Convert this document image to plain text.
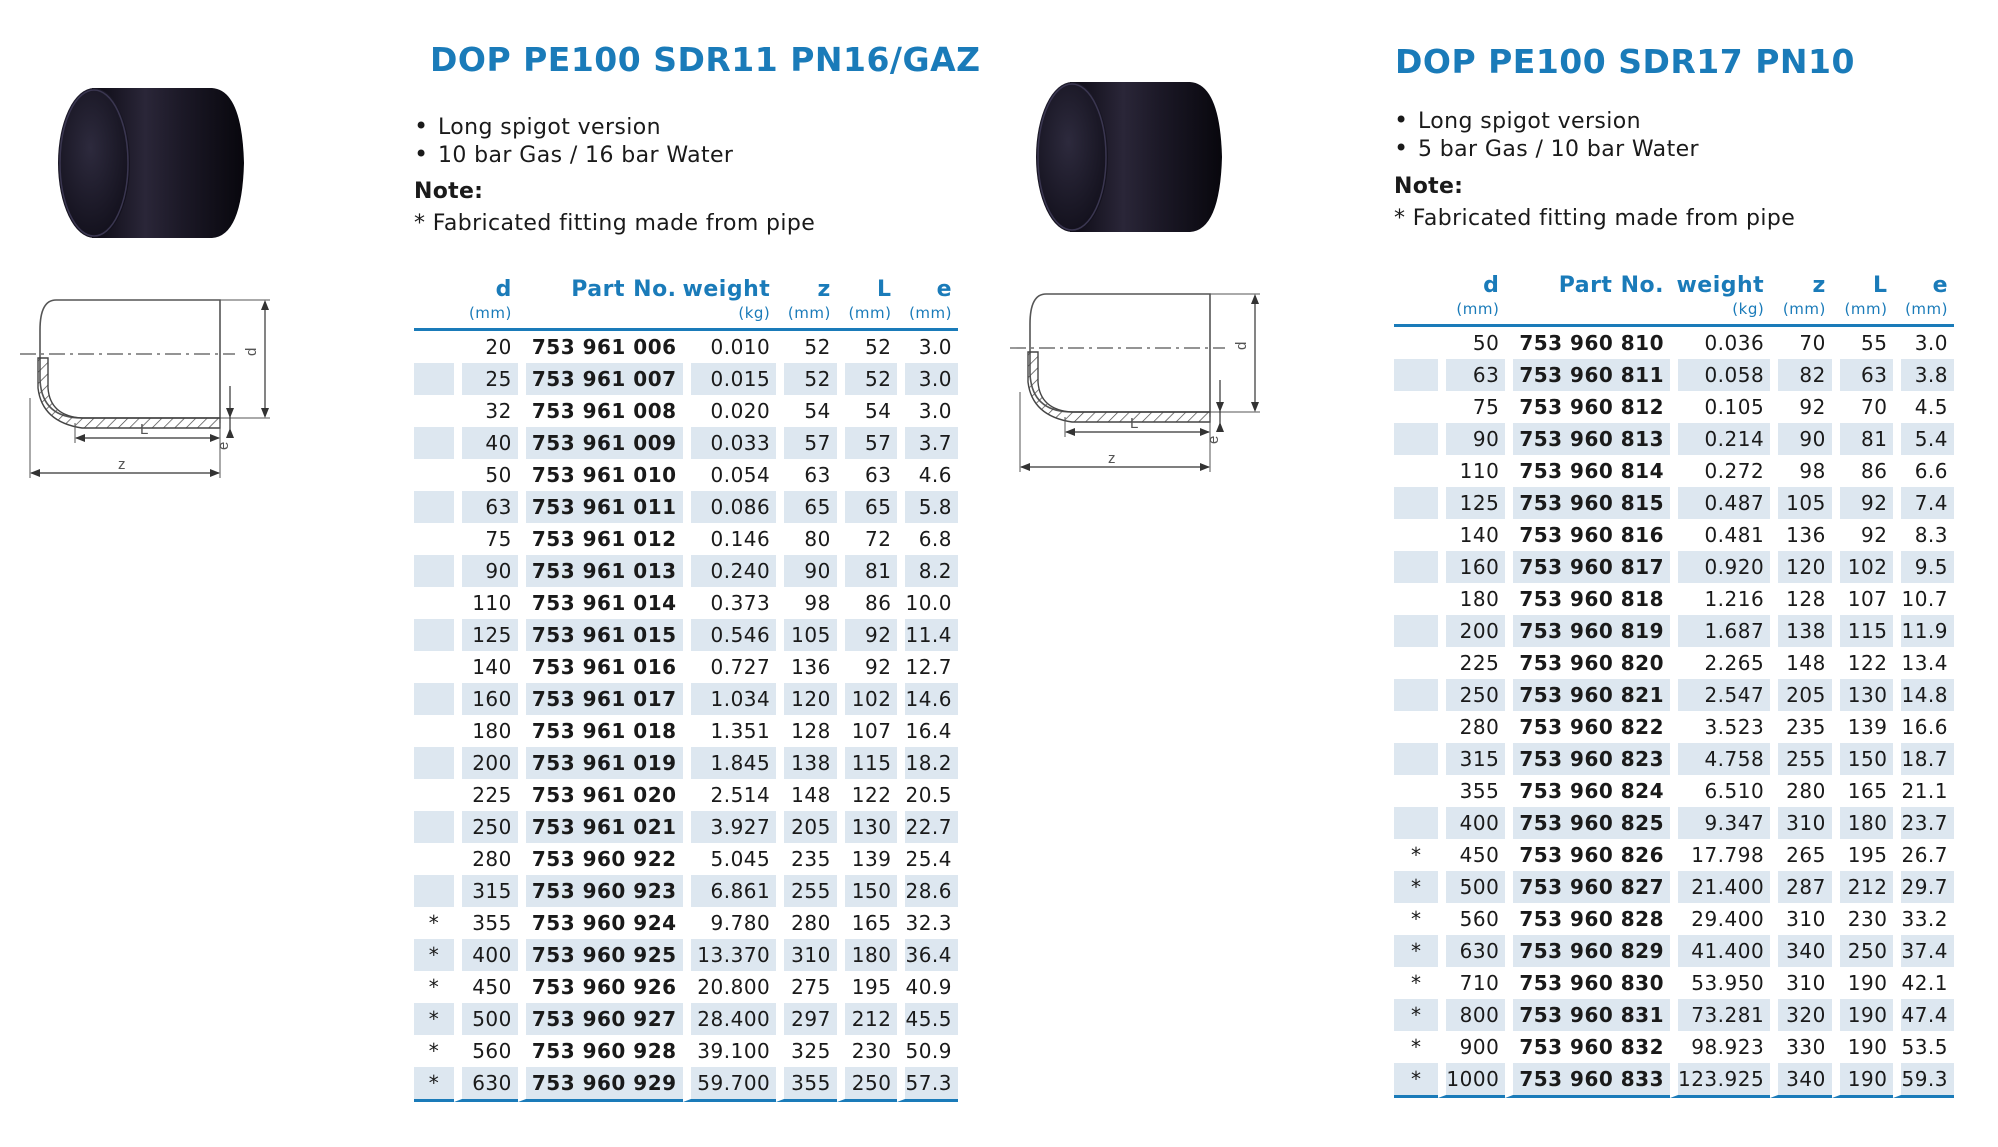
DOP PE100 SDR11 PN16/GAZ
d
e
L
z
• Long spigot version
• 10 bar Gas / 16 bar Water
Note:
* Fabricated fitting made from pipe
	d	Part No.	weight	z	L	e
	(mm)		(kg)	(mm)	(mm)	(mm)
	20	753 961 006	0.010	52	52	3.0
	25	753 961 007	0.015	52	52	3.0
	32	753 961 008	0.020	54	54	3.0
	40	753 961 009	0.033	57	57	3.7
	50	753 961 010	0.054	63	63	4.6
	63	753 961 011	0.086	65	65	5.8
	75	753 961 012	0.146	80	72	6.8
	90	753 961 013	0.240	90	81	8.2
	110	753 961 014	0.373	98	86	10.0
	125	753 961 015	0.546	105	92	11.4
	140	753 961 016	0.727	136	92	12.7
	160	753 961 017	1.034	120	102	14.6
	180	753 961 018	1.351	128	107	16.4
	200	753 961 019	1.845	138	115	18.2
	225	753 961 020	2.514	148	122	20.5
	250	753 961 021	3.927	205	130	22.7
	280	753 960 922	5.045	235	139	25.4
	315	753 960 923	6.861	255	150	28.6
*	355	753 960 924	9.780	280	165	32.3
*	400	753 960 925	13.370	310	180	36.4
*	450	753 960 926	20.800	275	195	40.9
*	500	753 960 927	28.400	297	212	45.5
*	560	753 960 928	39.100	325	230	50.9
*	630	753 960 929	59.700	355	250	57.3
DOP PE100 SDR17 PN10
d
e
L
z
• Long spigot version
• 5 bar Gas / 10 bar Water
Note:
* Fabricated fitting made from pipe
	d	Part No.	weight	z	L	e
	(mm)		(kg)	(mm)	(mm)	(mm)
	50	753 960 810	0.036	70	55	3.0
	63	753 960 811	0.058	82	63	3.8
	75	753 960 812	0.105	92	70	4.5
	90	753 960 813	0.214	90	81	5.4
	110	753 960 814	0.272	98	86	6.6
	125	753 960 815	0.487	105	92	7.4
	140	753 960 816	0.481	136	92	8.3
	160	753 960 817	0.920	120	102	9.5
	180	753 960 818	1.216	128	107	10.7
	200	753 960 819	1.687	138	115	11.9
	225	753 960 820	2.265	148	122	13.4
	250	753 960 821	2.547	205	130	14.8
	280	753 960 822	3.523	235	139	16.6
	315	753 960 823	4.758	255	150	18.7
	355	753 960 824	6.510	280	165	21.1
	400	753 960 825	9.347	310	180	23.7
*	450	753 960 826	17.798	265	195	26.7
*	500	753 960 827	21.400	287	212	29.7
*	560	753 960 828	29.400	310	230	33.2
*	630	753 960 829	41.400	340	250	37.4
*	710	753 960 830	53.950	310	190	42.1
*	800	753 960 831	73.281	320	190	47.4
*	900	753 960 832	98.923	330	190	53.5
*	1000	753 960 833	123.925	340	190	59.3
